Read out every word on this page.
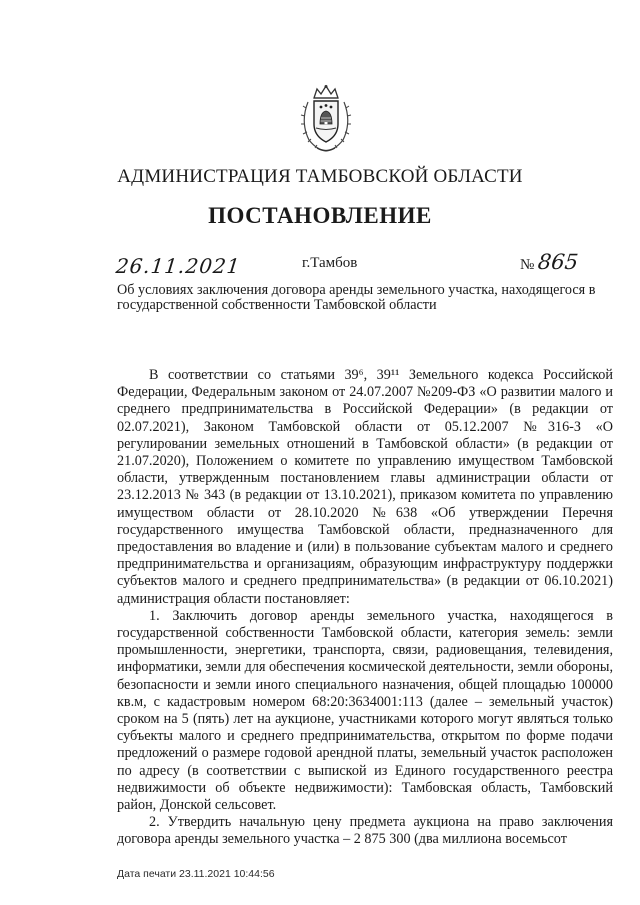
АДМИНИСТРАЦИЯ ТАМБОВСКОЙ ОБЛАСТИ
ПОСТАНОВЛЕНИЕ
26.11.2021	г.Тамбов	№ 865
Об условиях заключения договора аренды земельного участка, находящегося в государственной собственности Тамбовской области

В соответствии со статьями 39⁶, 39¹¹ Земельного кодекса Российской Федерации, Федеральным законом от 24.07.2007 №209-ФЗ «О развитии малого и среднего предпринимательства в Российской Федерации» (в редакции от 02.07.2021), Законом Тамбовской области от 05.12.2007 №316-З «О регулировании земельных отношений в Тамбовской области» (в редакции от 21.07.2020), Положением о комитете по управлению имуществом Тамбовской области, утвержденным постановлением главы администрации области от 23.12.2013 № 343 (в редакции от 13.10.2021), приказом комитета по управлению имуществом области от 28.10.2020 №638 «Об утверждении Перечня государственного имущества Тамбовской области, предназначенного для предоставления во владение и (или) в пользование субъектам малого и среднего предпринимательства и организациям, образующим инфраструктуру поддержки субъектов малого и среднего предпринимательства» (в редакции от 06.10.2021) администрация области постановляет:

1. Заключить договор аренды земельного участка, находящегося в государственной собственности Тамбовской области, категория земель: земли промышленности, энергетики, транспорта, связи, радиовещания, телевидения, информатики, земли для обеспечения космической деятельности, земли обороны, безопасности и земли иного специального назначения, общей площадью 100000 кв.м, с кадастровым номером 68:20:3634001:113 (далее – земельный участок) сроком на 5 (пять) лет на аукционе, участниками которого могут являться только субъекты малого и среднего предпринимательства, открытом по форме подачи предложений о размере годовой арендной платы, земельный участок расположен по адресу (в соответствии с выпиской из Единого государственного реестра недвижимости об объекте недвижимости): Тамбовская область, Тамбовский район, Донской сельсовет.

2. Утвердить начальную цену предмета аукциона на право заключения договора аренды земельного участка – 2 875 300 (два миллиона восемьсот

Дата печати 23.11.2021 10:44:56
